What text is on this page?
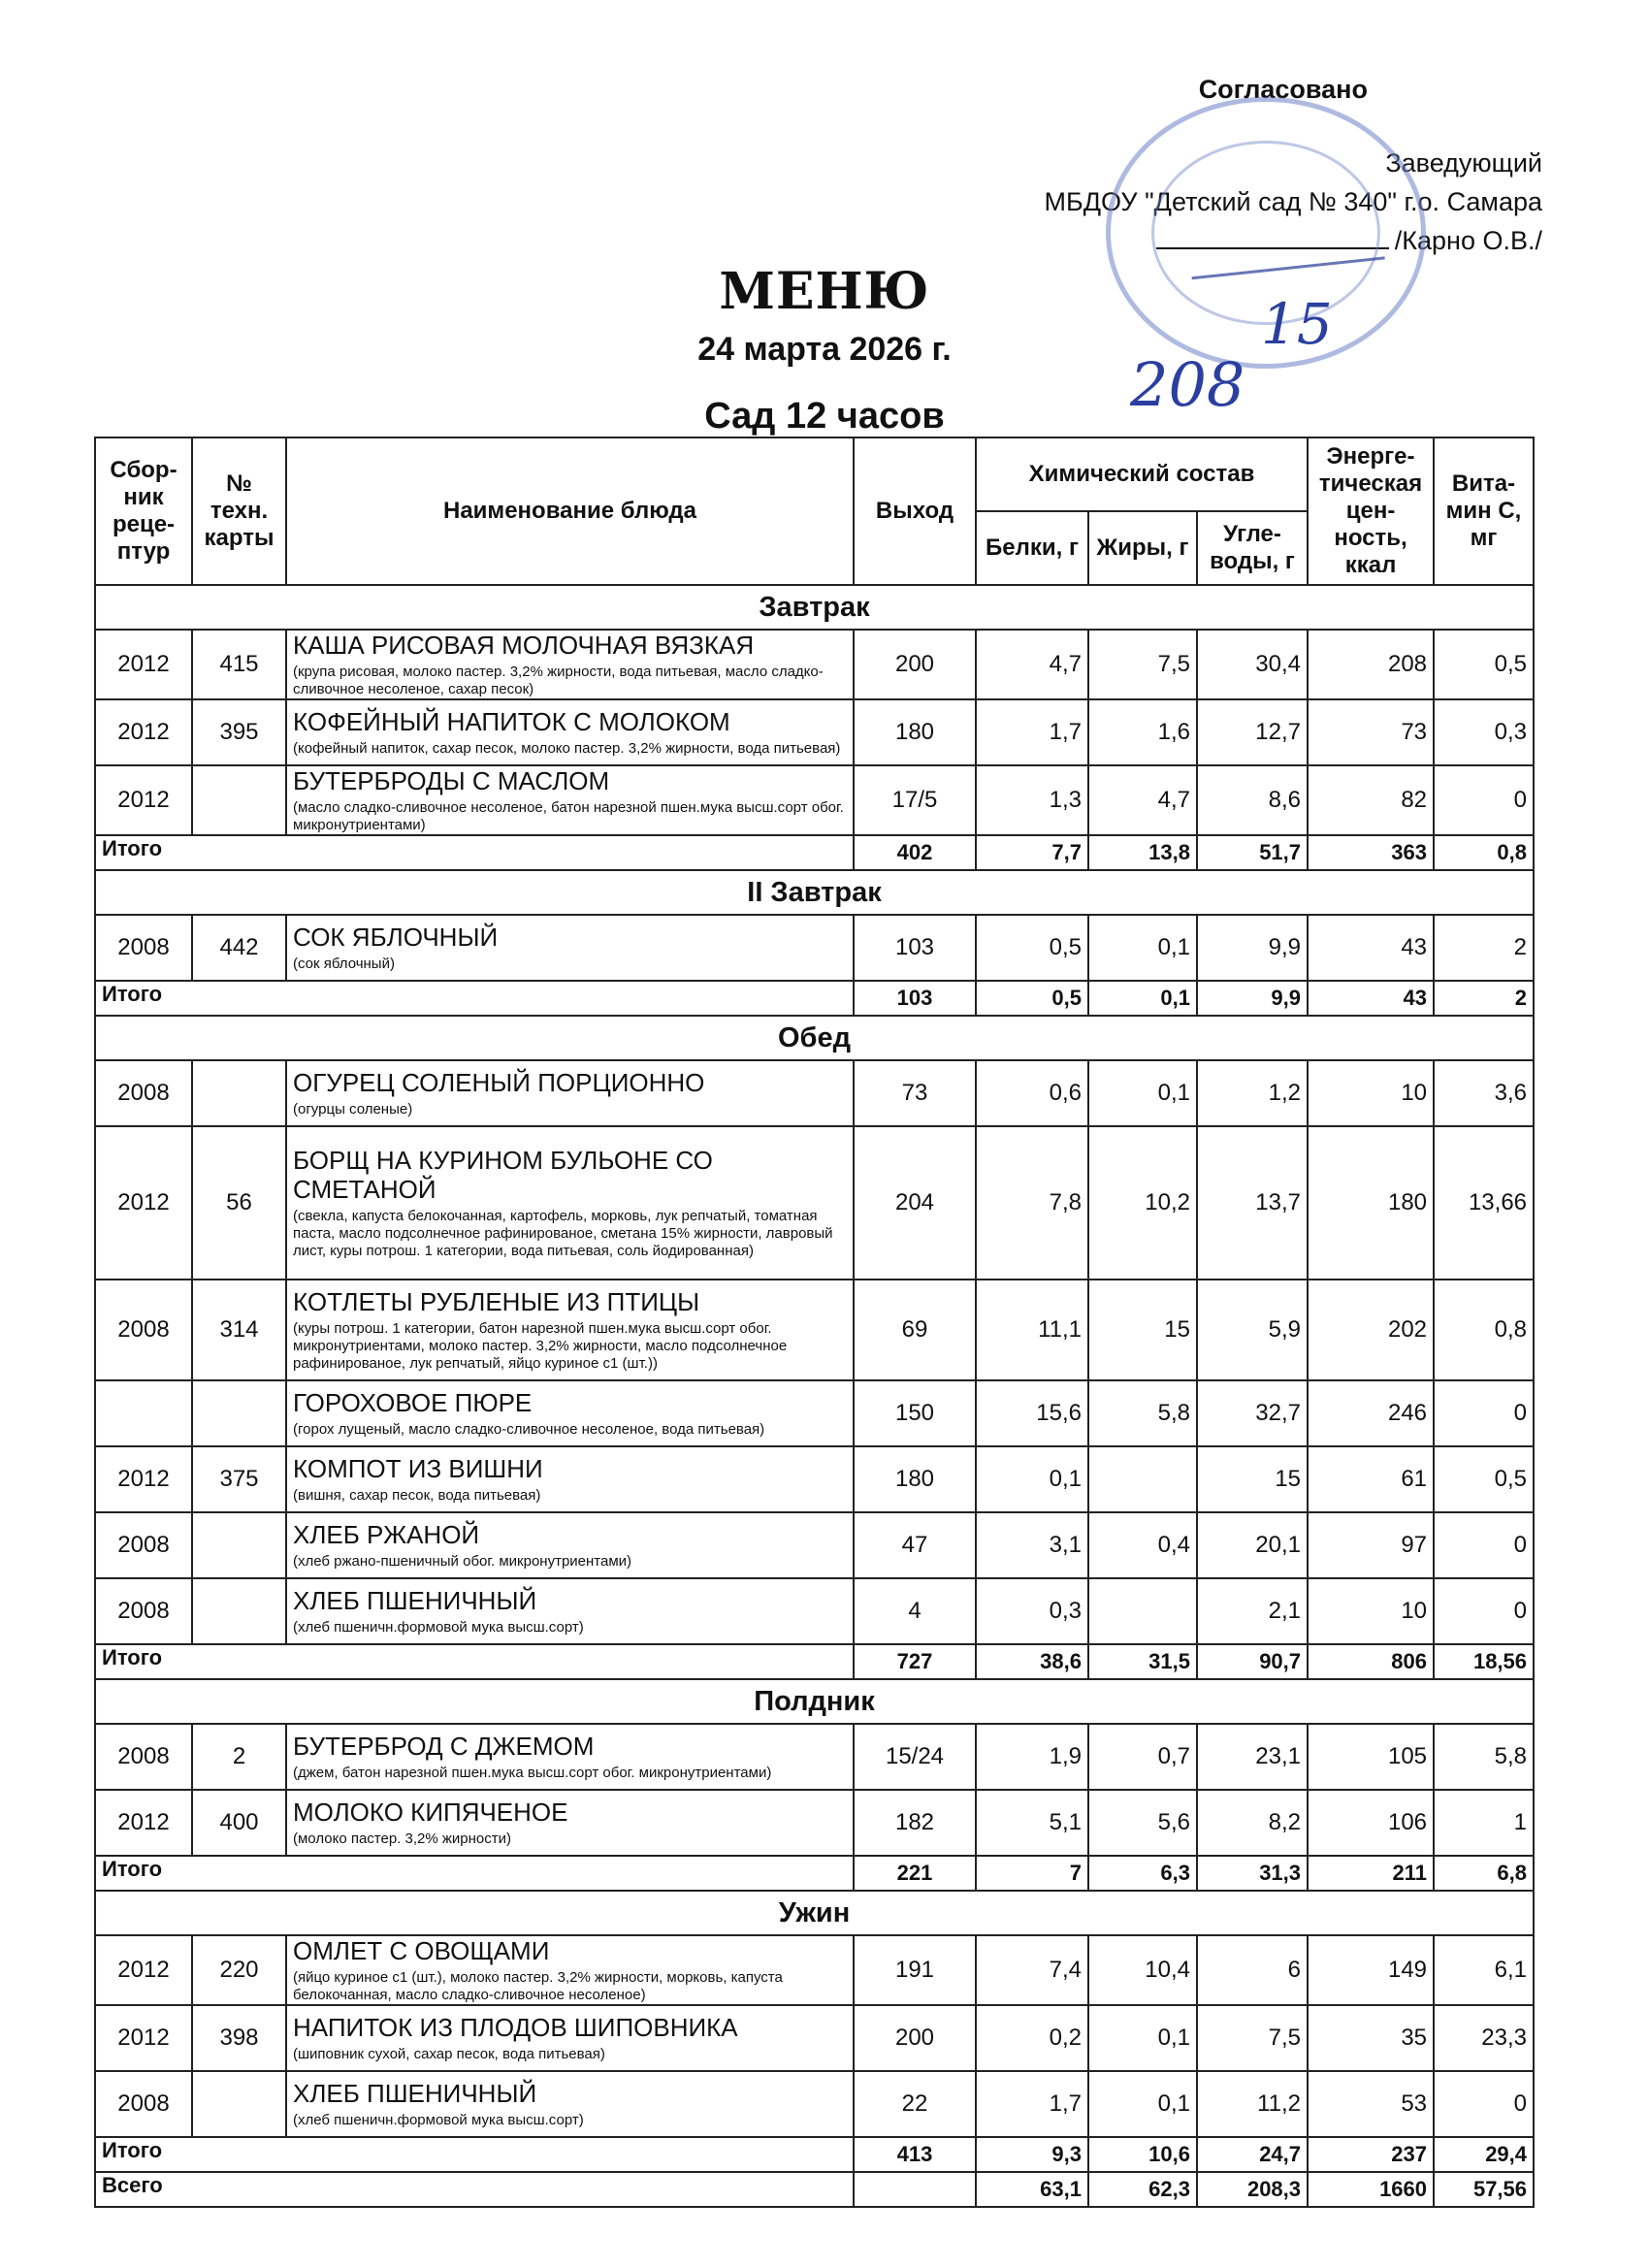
Согласовано
Заведующий
МБДОУ "Детский сад № 340" г.о. Самара
/Карно О.В./
15
208
МЕНЮ
24 марта 2026 г.
Сад 12 часов
Сбор-ник реце-птур	№ техн. карты	Наименование блюда	Выход	Химический состав			Энерге-тическая цен-ность, ккал	Вита-мин С, мг
				Белки, г	Жиры, г	Угле-воды, г		
Завтрак								
2012	415	КАША РИСОВАЯ МОЛОЧНАЯ ВЯЗКАЯ
(крупа рисовая, молоко пастер. 3,2% жирности, вода питьевая, масло сладко-сливочное несоленое, сахар песок)	200	4,7	7,5	30,4	208	0,5
2012	395	КОФЕЙНЫЙ НАПИТОК С МОЛОКОМ
(кофейный напиток, сахар песок, молоко пастер. 3,2% жирности, вода питьевая)	180	1,7	1,6	12,7	73	0,3
2012		БУТЕРБРОДЫ С МАСЛОМ
(масло сладко-сливочное несоленое, батон нарезной пшен.мука высш.сорт обог. микронутриентами)	17/5	1,3	4,7	8,6	82	0
Итого			402	7,7	13,8	51,7	363	0,8
II Завтрак								
2008	442	СОК ЯБЛОЧНЫЙ
(сок яблочный)	103	0,5	0,1	9,9	43	2
Итого			103	0,5	0,1	9,9	43	2
Обед								
2008		ОГУРЕЦ СОЛЕНЫЙ ПОРЦИОННО
(огурцы соленые)	73	0,6	0,1	1,2	10	3,6
2012	56	БОРЩ НА КУРИНОМ БУЛЬОНЕ СО СМЕТАНОЙ
(свекла, капуста белокочанная, картофель, морковь, лук репчатый, томатная паста, масло подсолнечное рафинированое, сметана 15% жирности, лавровый лист, куры потрош. 1 категории, вода питьевая, соль йодированная)	204	7,8	10,2	13,7	180	13,66
2008	314	КОТЛЕТЫ РУБЛЕНЫЕ ИЗ ПТИЦЫ
(куры потрош. 1 категории, батон нарезной пшен.мука высш.сорт обог. микронутриентами, молоко пастер. 3,2% жирности, масло подсолнечное рафинированое, лук репчатый, яйцо куриное с1 (шт.))	69	11,1	15	5,9	202	0,8

		ГОРОХОВОЕ ПЮРЕ
(горох лущеный, масло сладко-сливочное несоленое, вода питьевая)	150	15,6	5,8	32,7	246	0
2012	375	КОМПОТ ИЗ ВИШНИ
(вишня, сахар песок, вода питьевая)	180	0,1		15	61	0,5
2008		ХЛЕБ РЖАНОЙ
(хлеб ржано-пшеничный обог. микронутриентами)	47	3,1	0,4	20,1	97	0
2008		ХЛЕБ ПШЕНИЧНЫЙ
(хлеб пшеничн.формовой мука высш.сорт)	4	0,3		2,1	10	0
Итого			727	38,6	31,5	90,7	806	18,56
Полдник								
2008	2	БУТЕРБРОД С ДЖЕМОМ
(джем, батон нарезной пшен.мука высш.сорт обог. микронутриентами)	15/24	1,9	0,7	23,1	105	5,8
2012	400	МОЛОКО КИПЯЧЕНОЕ
(молоко пастер. 3,2% жирности)	182	5,1	5,6	8,2	106	1
Итого			221	7	6,3	31,3	211	6,8
Ужин								
2012	220	ОМЛЕТ С ОВОЩАМИ
(яйцо куриное с1 (шт.), молоко пастер. 3,2% жирности, морковь, капуста белокочанная, масло сладко-сливочное несоленое)	191	7,4	10,4	6	149	6,1
2012	398	НАПИТОК ИЗ ПЛОДОВ ШИПОВНИКА
(шиповник сухой, сахар песок, вода питьевая)	200	0,2	0,1	7,5	35	23,3
2008		ХЛЕБ ПШЕНИЧНЫЙ
(хлеб пшеничн.формовой мука высш.сорт)	22	1,7	0,1	11,2	53	0
Итого			413	9,3	10,6	24,7	237	29,4
Всего				63,1	62,3	208,3	1660	57,56
